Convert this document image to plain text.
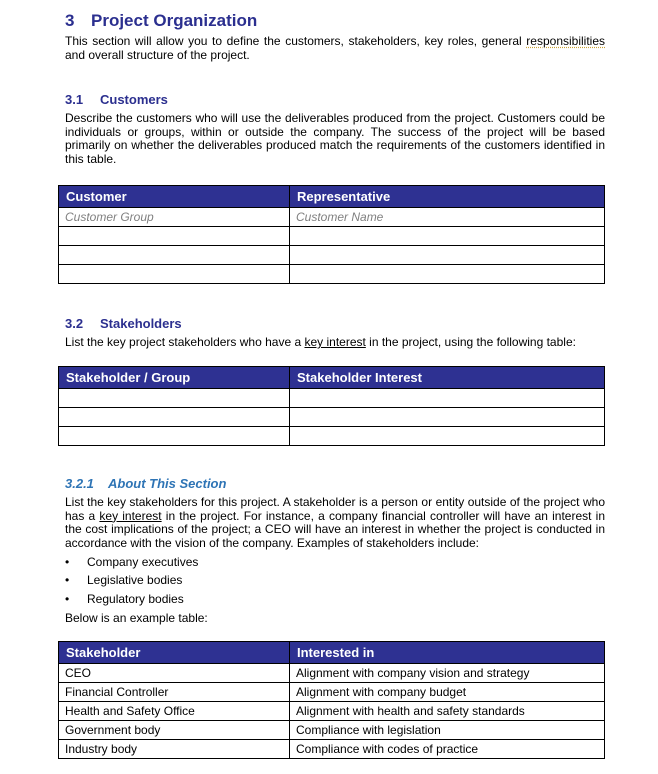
3 Project Organization
This section will allow you to define the customers, stakeholders, key roles, general responsibilities and overall structure of the project.
3.1 Customers
Describe the customers who will use the deliverables produced from the project. Customers could be individuals or groups, within or outside the company. The success of the project will be based primarily on whether the deliverables produced match the requirements of the customers identified in this table.
Customer	Representative
Customer Group	Customer Name

3.2 Stakeholders
List the key project stakeholders who have a key interest in the project, using the following table:
Stakeholder / Group	Stakeholder Interest

3.2.1 About This Section
List the key stakeholders for this project. A stakeholder is a person or entity outside of the project who has a key interest in the project. For instance, a company financial controller will have an interest in the cost implications of the project; a CEO will have an interest in whether the project is conducted in accordance with the vision of the company. Examples of stakeholders include:
• Company executives
• Legislative bodies
• Regulatory bodies
Below is an example table:
Stakeholder	Interested in
CEO	Alignment with company vision and strategy
Financial Controller	Alignment with company budget
Health and Safety Office	Alignment with health and safety standards
Government body	Compliance with legislation
Industry body	Compliance with codes of practice
